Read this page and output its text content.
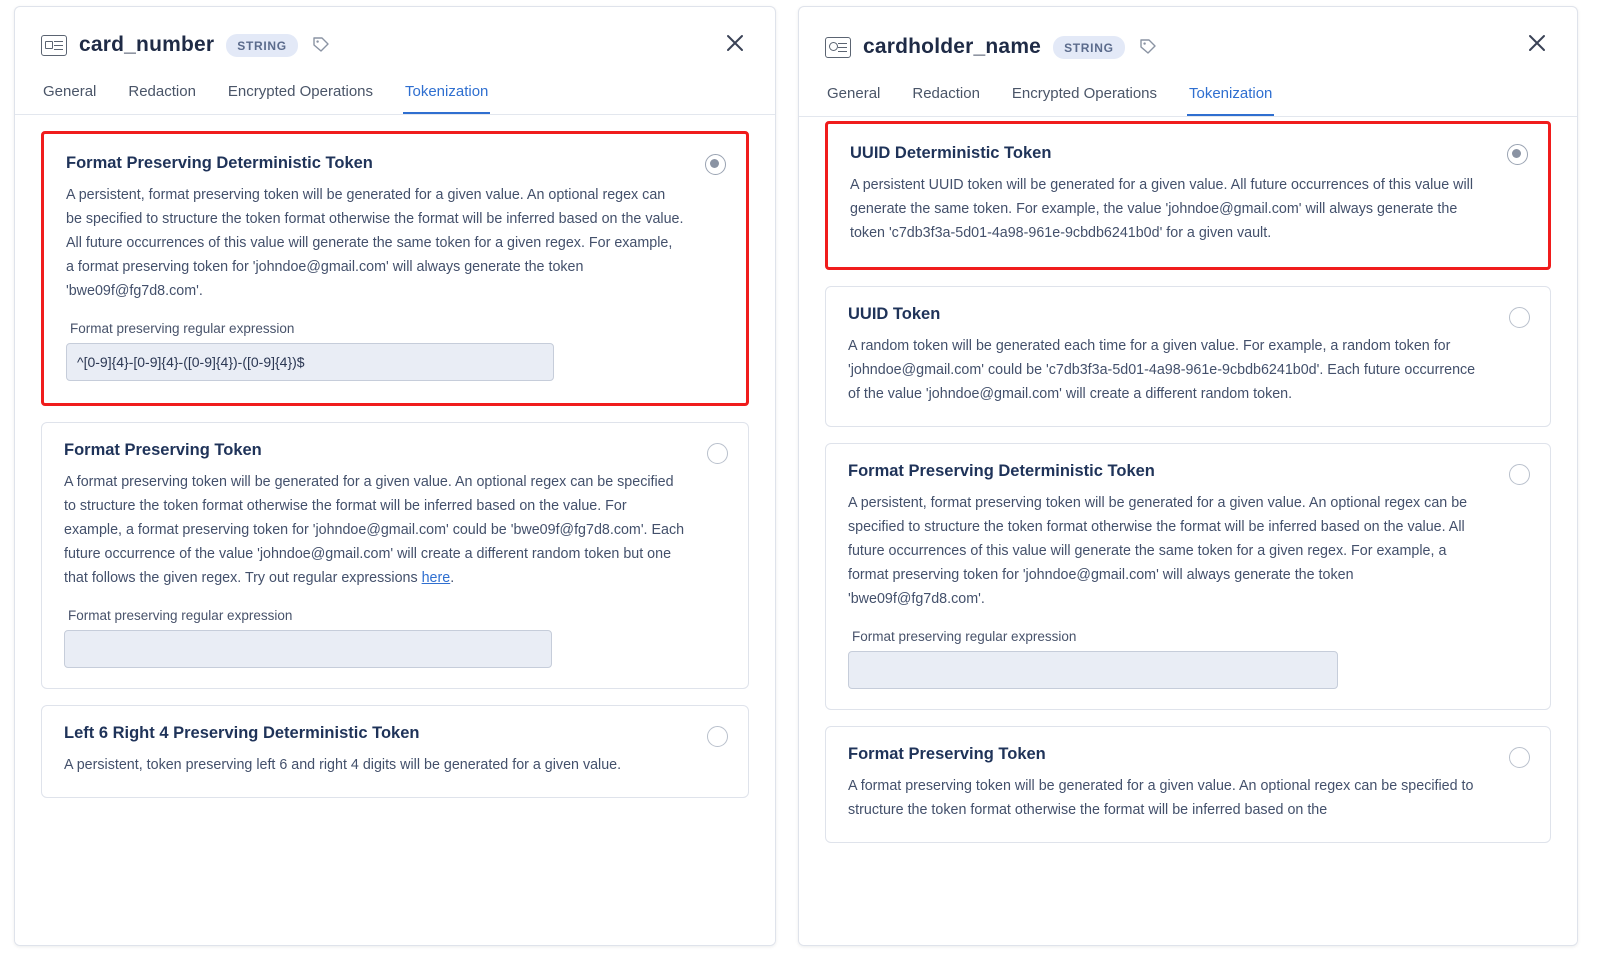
card_number	STRING
General Redaction Encrypted Operations Tokenization
Format Preserving Deterministic Token

A persistent, format preserving token will be generated for a given value. An optional regex can be specified to structure the token format otherwise the format will be inferred based on the value. All future occurrences of this value will generate the same token for a given regex. For example, a format preserving token for 'johndoe@gmail.com' will always generate the token 'bwe09f@fg7d8.com'.

Format preserving regular expression
^[0-9]{4}-[0-9]{4}-([0-9]{4})-([0-9]{4})$
Format Preserving Token

A format preserving token will be generated for a given value. An optional regex can be specified to structure the token format otherwise the format will be inferred based on the value. For example, a format preserving token for 'johndoe@gmail.com' could be 'bwe09f@fg7d8.com'. Each future occurrence of the value 'johndoe@gmail.com' will create a different random token but one that follows the given regex. Try out regular expressions here.

Format preserving regular expression
Left 6 Right 4 Preserving Deterministic Token

A persistent, token preserving left 6 and right 4 digits will be generated for a given value.

cardholder_name	STRING
General Redaction Encrypted Operations Tokenization
UUID Deterministic Token

A persistent UUID token will be generated for a given value. All future occurrences of this value will generate the same token. For example, the value 'johndoe@gmail.com' will always generate the token 'c7db3f3a-5d01-4a98-961e-9cbdb6241b0d' for a given vault.

UUID Token

A random token will be generated each time for a given value. For example, a random token for 'johndoe@gmail.com' could be 'c7db3f3a-5d01-4a98-961e-9cbdb6241b0d'. Each future occurrence of the value 'johndoe@gmail.com' will create a different random token.

Format Preserving Deterministic Token

A persistent, format preserving token will be generated for a given value. An optional regex can be specified to structure the token format otherwise the format will be inferred based on the value. All future occurrences of this value will generate the same token for a given regex. For example, a format preserving token for 'johndoe@gmail.com' will always generate the token 'bwe09f@fg7d8.com'.

Format preserving regular expression
Format Preserving Token

A format preserving token will be generated for a given value. An optional regex can be specified to structure the token format otherwise the format will be inferred based on the
